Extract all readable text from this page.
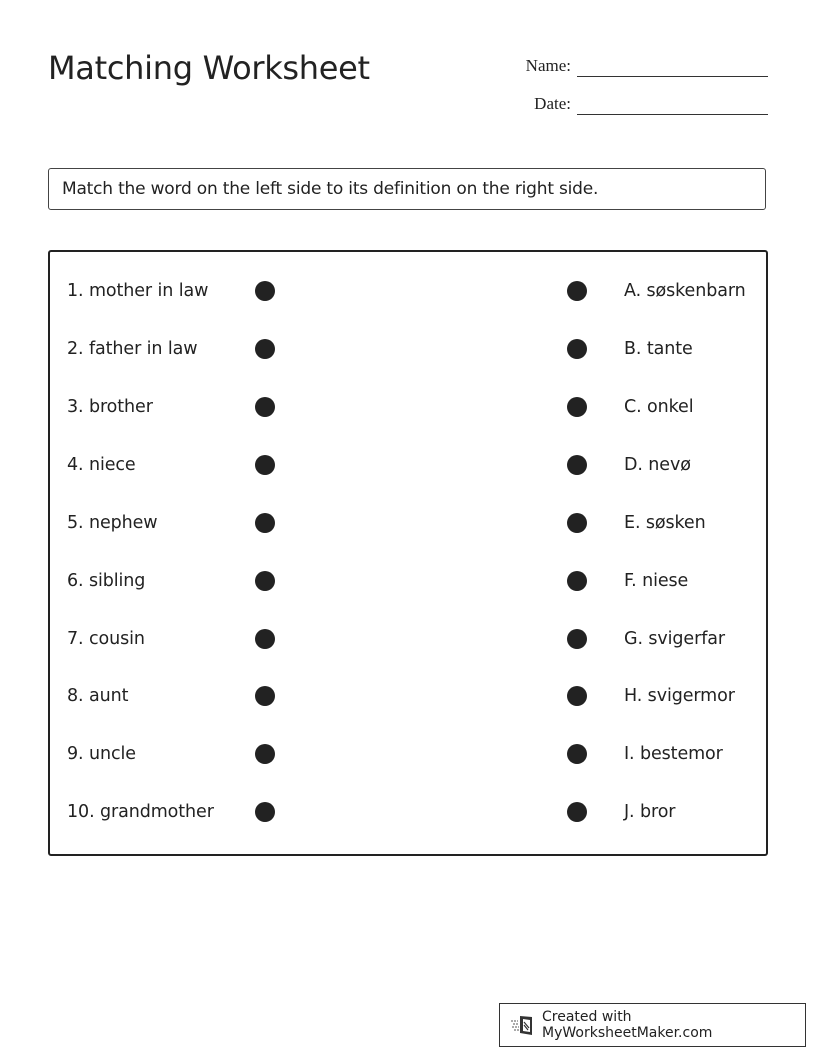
Matching Worksheet	Name:
Date:
Match the word on the left side to its definition on the right side.
1. mother in law	A. søskenbarn
2. father in law	B. tante
3. brother	C. onkel
4. niece	D. nevø
5. nephew	E. søsken
6. sibling	F. niese
7. cousin	G. svigerfar
8. aunt	H. svigermor
9. uncle	I. bestemor
10. grandmother	J. bror
Created with MyWorksheetMaker.com
